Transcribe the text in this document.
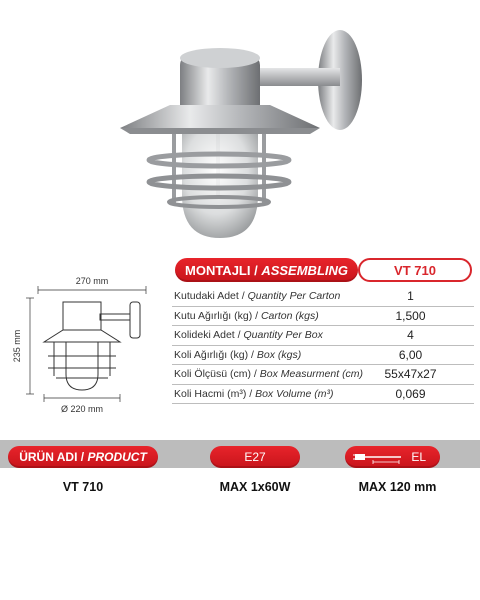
MONTAJLI /
ASSEMBLING	VT 710
Kutudaki Adet / Quantity Per Carton	1
Kutu Ağırlığı (kg) / Carton (kgs)	1,500
Kolideki Adet / Quantity Per Box	4
Koli Ağırlığı (kg) / Box (kgs)	6,00
Koli Ölçüsü (cm) / Box Measurment (cm)	55x47x27
Koli Hacmi (m³) / Box Volume (m³)	0,069
270 mm
235 mm
Ø 220 mm
ÜRÜN ADI /
PRODUCT	E27	EL
VT 710	MAX 1x60W	MAX 120 mm
